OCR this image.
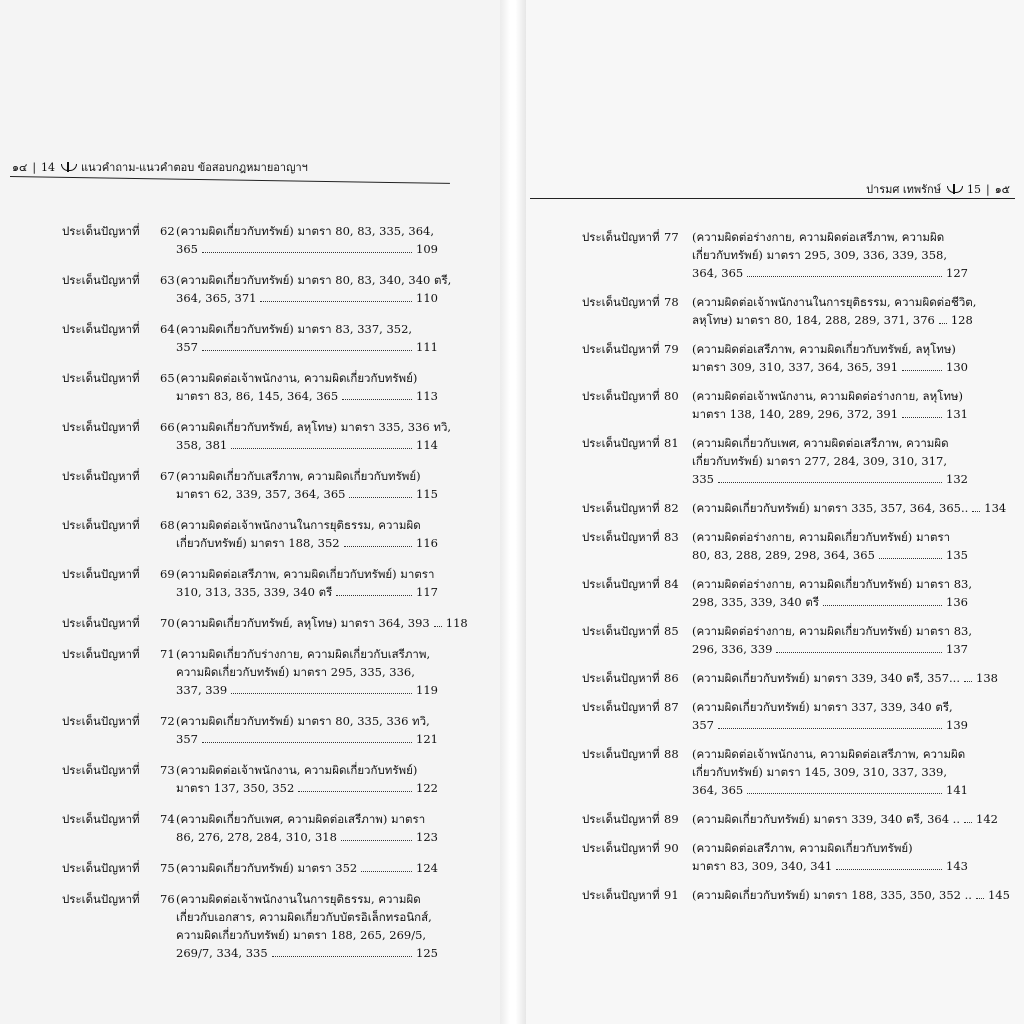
๑๔ | 14 แนวคำถาม-แนวคำตอบ ข้อสอบกฎหมายอาญาฯ
ปารมศ เทพรักษ์ 15 | ๑๕
ประเด็นปัญหาที่ 62 (ความผิดเกี่ยวกับทรัพย์) มาตรา 80, 83, 335, 364,
365	109
ประเด็นปัญหาที่ 63 (ความผิดเกี่ยวกับทรัพย์) มาตรา 80, 83, 340, 340 ตรี,
364, 365, 371	110
ประเด็นปัญหาที่ 64 (ความผิดเกี่ยวกับทรัพย์) มาตรา 83, 337, 352,
357	111
ประเด็นปัญหาที่ 65 (ความผิดต่อเจ้าพนักงาน, ความผิดเกี่ยวกับทรัพย์)
มาตรา 83, 86, 145, 364, 365	113
ประเด็นปัญหาที่ 66 (ความผิดเกี่ยวกับทรัพย์, ลหุโทษ) มาตรา 335, 336 ทวิ,
358, 381	114
ประเด็นปัญหาที่ 67 (ความผิดเกี่ยวกับเสรีภาพ, ความผิดเกี่ยวกับทรัพย์)
มาตรา 62, 339, 357, 364, 365	115
ประเด็นปัญหาที่ 68 (ความผิดต่อเจ้าพนักงานในการยุติธรรม, ความผิด
เกี่ยวกับทรัพย์) มาตรา 188, 352	116
ประเด็นปัญหาที่ 69 (ความผิดต่อเสรีภาพ, ความผิดเกี่ยวกับทรัพย์) มาตรา
310, 313, 335, 339, 340 ตรี	117
ประเด็นปัญหาที่ 70 (ความผิดเกี่ยวกับทรัพย์, ลหุโทษ) มาตรา 364, 393 118
ประเด็นปัญหาที่ 71 (ความผิดเกี่ยวกับร่างกาย, ความผิดเกี่ยวกับเสรีภาพ,
ความผิดเกี่ยวกับทรัพย์) มาตรา 295, 335, 336,
337, 339	119
ประเด็นปัญหาที่ 72 (ความผิดเกี่ยวกับทรัพย์) มาตรา 80, 335, 336 ทวิ,
357	121
ประเด็นปัญหาที่ 73 (ความผิดต่อเจ้าพนักงาน, ความผิดเกี่ยวกับทรัพย์)
มาตรา 137, 350, 352	122
ประเด็นปัญหาที่ 74 (ความผิดเกี่ยวกับเพศ, ความผิดต่อเสรีภาพ) มาตรา
86, 276, 278, 284, 310, 318	123
ประเด็นปัญหาที่ 75 (ความผิดเกี่ยวกับทรัพย์) มาตรา 352	124
ประเด็นปัญหาที่ 76 (ความผิดต่อเจ้าพนักงานในการยุติธรรม, ความผิด
เกี่ยวกับเอกสาร, ความผิดเกี่ยวกับบัตรอิเล็กทรอนิกส์,
ความผิดเกี่ยวกับทรัพย์) มาตรา 188, 265, 269/5,
269/7, 334, 335	125
ประเด็นปัญหาที่ 77 (ความผิดต่อร่างกาย, ความผิดต่อเสรีภาพ, ความผิด
เกี่ยวกับทรัพย์) มาตรา 295, 309, 336, 339, 358,
364, 365	127
ประเด็นปัญหาที่ 78 (ความผิดต่อเจ้าพนักงานในการยุติธรรม, ความผิดต่อชีวิต,
ลหุโทษ) มาตรา 80, 184, 288, 289, 371, 376 128
ประเด็นปัญหาที่ 79 (ความผิดต่อเสรีภาพ, ความผิดเกี่ยวกับทรัพย์, ลหุโทษ)
มาตรา 309, 310, 337, 364, 365, 391	130
ประเด็นปัญหาที่ 80 (ความผิดต่อเจ้าพนักงาน, ความผิดต่อร่างกาย, ลหุโทษ)
มาตรา 138, 140, 289, 296, 372, 391	131
ประเด็นปัญหาที่ 81 (ความผิดเกี่ยวกับเพศ, ความผิดต่อเสรีภาพ, ความผิด
เกี่ยวกับทรัพย์) มาตรา 277, 284, 309, 310, 317,
335	132
ประเด็นปัญหาที่ 82 (ความผิดเกี่ยวกับทรัพย์) มาตรา 335, 357, 364, 365.. 134
ประเด็นปัญหาที่ 83 (ความผิดต่อร่างกาย, ความผิดเกี่ยวกับทรัพย์) มาตรา
80, 83, 288, 289, 298, 364, 365	135
ประเด็นปัญหาที่ 84 (ความผิดต่อร่างกาย, ความผิดเกี่ยวกับทรัพย์) มาตรา 83,
298, 335, 339, 340 ตรี	136
ประเด็นปัญหาที่ 85 (ความผิดต่อร่างกาย, ความผิดเกี่ยวกับทรัพย์) มาตรา 83,
296, 336, 339	137
ประเด็นปัญหาที่ 86 (ความผิดเกี่ยวกับทรัพย์) มาตรา 339, 340 ตรี, 357... 138
ประเด็นปัญหาที่ 87 (ความผิดเกี่ยวกับทรัพย์) มาตรา 337, 339, 340 ตรี,
357	139
ประเด็นปัญหาที่ 88 (ความผิดต่อเจ้าพนักงาน, ความผิดต่อเสรีภาพ, ความผิด
เกี่ยวกับทรัพย์) มาตรา 145, 309, 310, 337, 339,
364, 365	141
ประเด็นปัญหาที่ 89 (ความผิดเกี่ยวกับทรัพย์) มาตรา 339, 340 ตรี, 364 .. 142
ประเด็นปัญหาที่ 90 (ความผิดต่อเสรีภาพ, ความผิดเกี่ยวกับทรัพย์)
มาตรา 83, 309, 340, 341	143
ประเด็นปัญหาที่ 91 (ความผิดเกี่ยวกับทรัพย์) มาตรา 188, 335, 350, 352 .. 145
